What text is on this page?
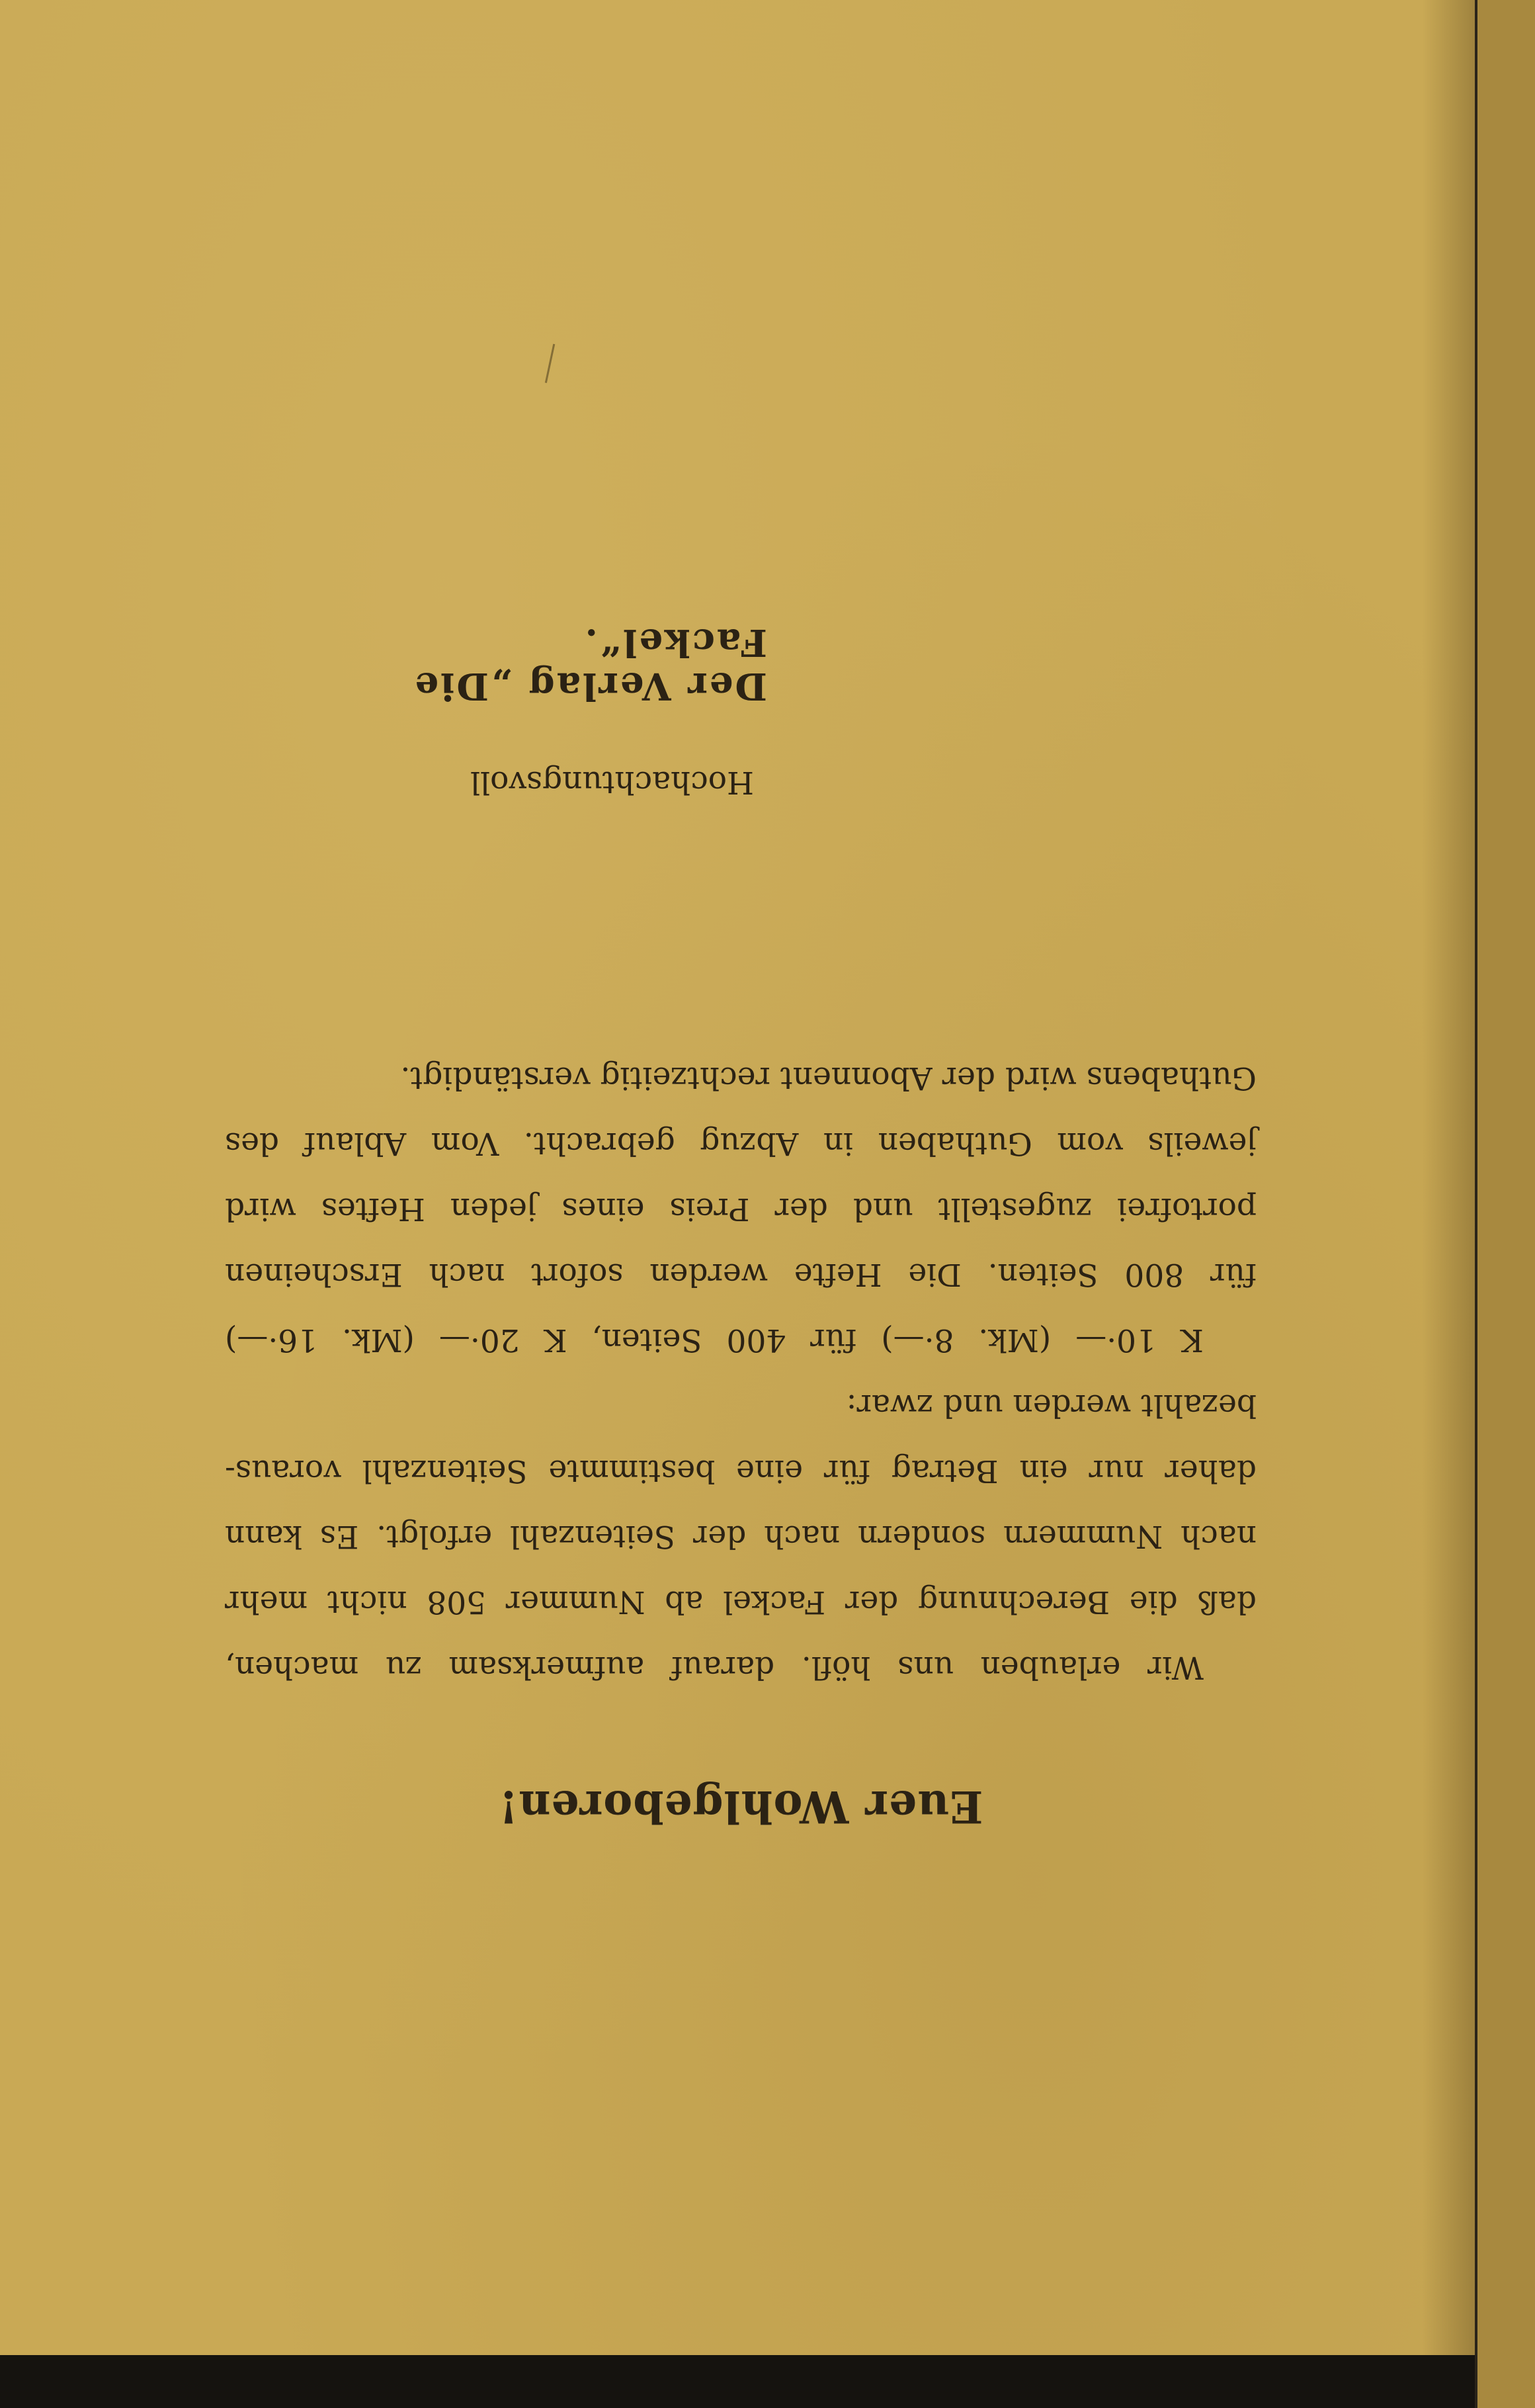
Euer Wohlgeboren!
Wir erlauben uns höfl. darauf aufmerksam zu machen,
daß die Berechnung der Fackel ab Nummer 508 nicht mehr
nach Nummern sondern nach der Seitenzahl erfolgt. Es kann
daher nur ein Betrag für eine bestimmte Seitenzahl voraus-
bezahlt werden und zwar:
K 10·— (Mk. 8·—) für 400 Seiten, K 20·— (Mk. 16·—)
für 800 Seiten. Die Hefte werden sofort nach Erscheinen
portofrei zugestellt und der Preis eines jeden Heftes wird
jeweils vom Guthaben in Abzug gebracht. Vom Ablauf des
Guthabens wird der Abonnent rechtzeitig verständigt.
Hochachtungsvoll
Der Verlag „Die Fackel“.
